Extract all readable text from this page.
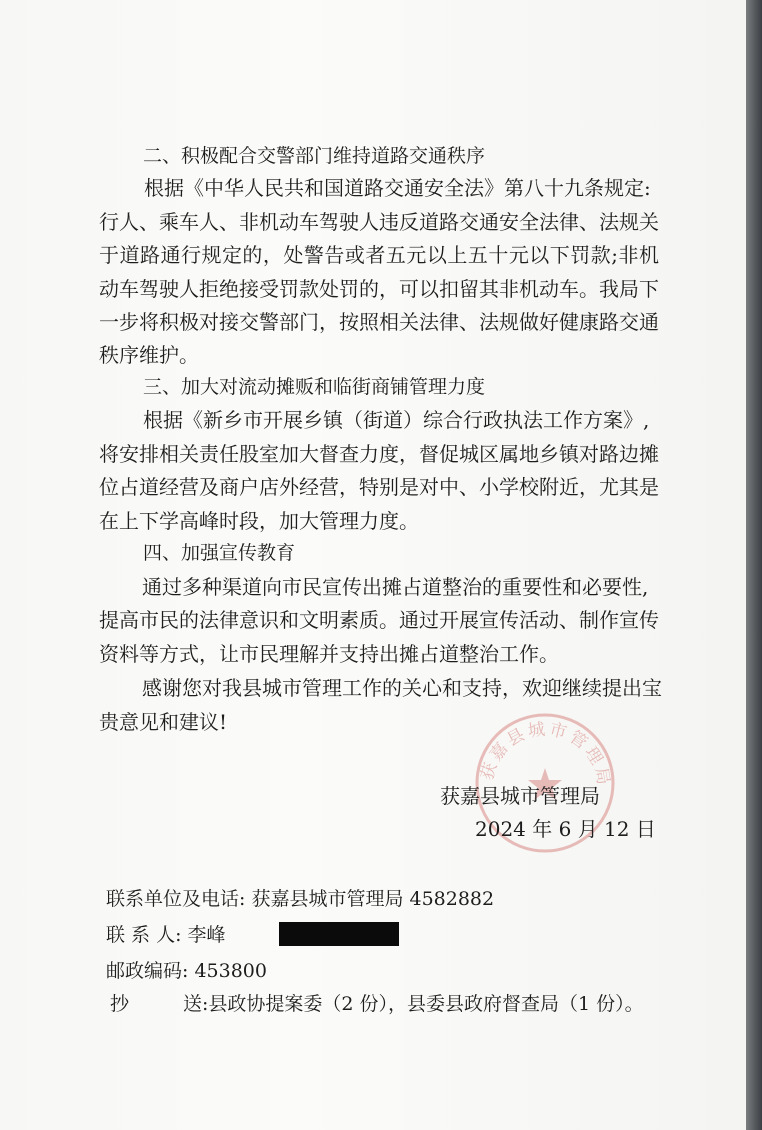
二、积极配合交警部门维持道路交通秩序
根据《中华人民共和国道路交通安全法》第八十九条规定:
行人、乘车人、非机动车驾驶人违反道路交通安全法律、法规关
于道路通行规定的，处警告或者五元以上五十元以下罚款;非机
动车驾驶人拒绝接受罚款处罚的，可以扣留其非机动车。我局下
一步将积极对接交警部门，按照相关法律、法规做好健康路交通
秩序维护。
三、加大对流动摊贩和临街商铺管理力度
根据《新乡市开展乡镇（街道）综合行政执法工作方案》,
将安排相关责任股室加大督查力度，督促城区属地乡镇对路边摊
位占道经营及商户店外经营，特别是对中、小学校附近，尤其是
在上下学高峰时段，加大管理力度。
四、加强宣传教育
通过多种渠道向市民宣传出摊占道整治的重要性和必要性,
提高市民的法律意识和文明素质。通过开展宣传活动、制作宣传
资料等方式，让市民理解并支持出摊占道整治工作。
感谢您对我县城市管理工作的关心和支持，欢迎继续提出宝
贵意见和建议!
获嘉县城市管理局
获嘉县城市管理局
2024 年 6 月 12 日
联系单位及电话: 获嘉县城市管理局 4582882
联 系 人: 李峰
邮政编码: 453800
抄	送:县政协提案委（2 份），县委县政府督查局（1 份）。
